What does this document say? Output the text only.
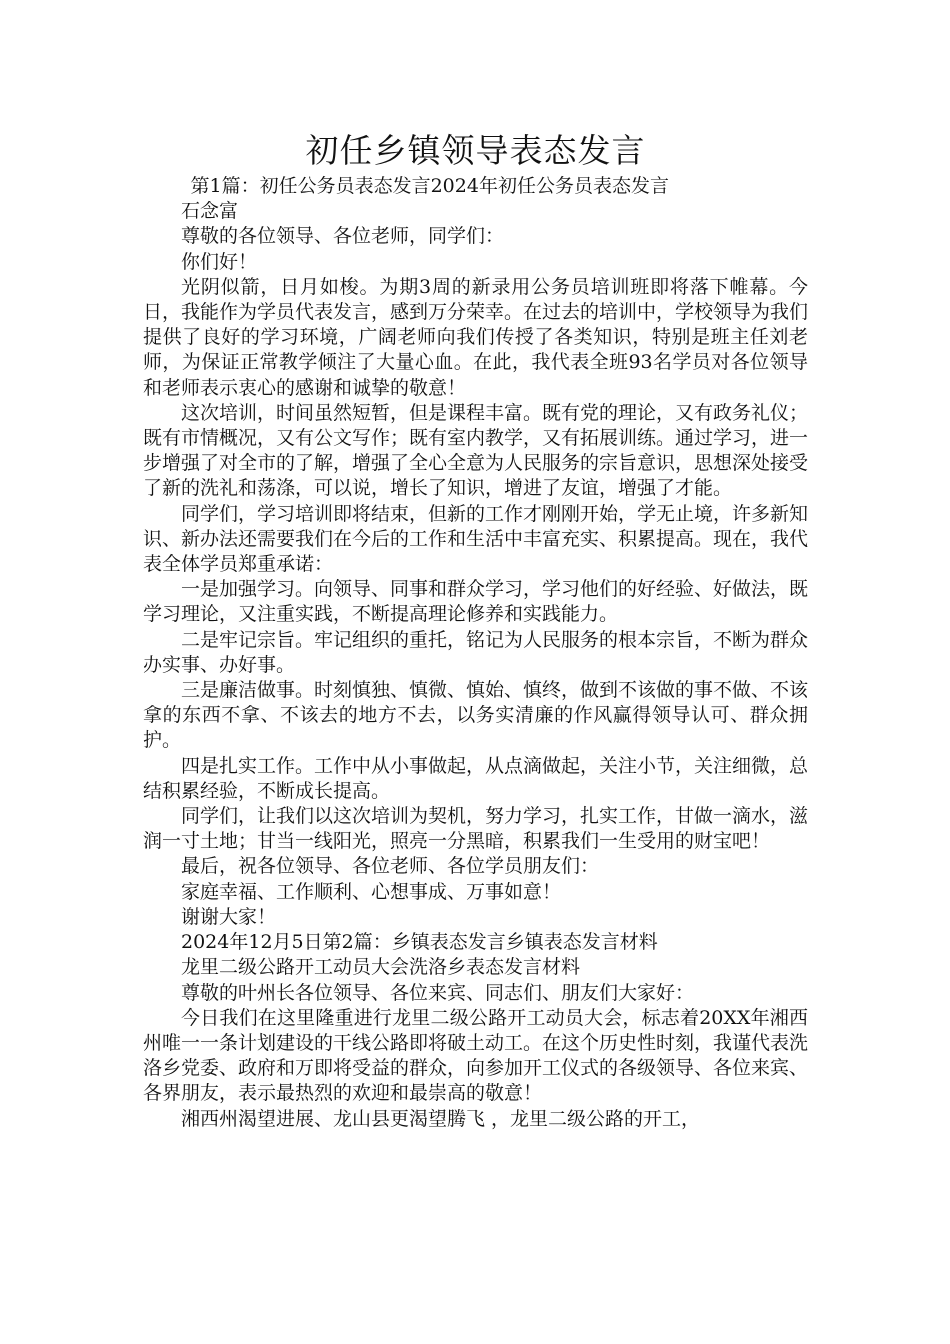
初任乡镇领导表态发言

第1篇：初任公务员表态发言2024年初任公务员表态发言

石念富

尊敬的各位领导、各位老师，同学们：

你们好！

光阴似箭，日月如梭。为期3周的新录用公务员培训班即将落下帷幕。今日，我能作为学员代表发言，感到万分荣幸。在过去的培训中，学校领导为我们提供了良好的学习环境，广阔老师向我们传授了各类知识，特别是班主任刘老师，为保证正常教学倾注了大量心血。在此，我代表全班93名学员对各位领导和老师表示衷心的感谢和诚挚的敬意！

这次培训，时间虽然短暂，但是课程丰富。既有党的理论，又有政务礼仪；既有市情概况，又有公文写作；既有室内教学，又有拓展训练。通过学习，进一步增强了对全市的了解，增强了全心全意为人民服务的宗旨意识，思想深处接受了新的洗礼和荡涤，可以说，增长了知识，增进了友谊，增强了才能。

同学们，学习培训即将结束，但新的工作才刚刚开始，学无止境，许多新知识、新办法还需要我们在今后的工作和生活中丰富充实、积累提高。现在，我代表全体学员郑重承诺：

一是加强学习。向领导、同事和群众学习，学习他们的好经验、好做法，既学习理论，又注重实践，不断提高理论修养和实践能力。

二是牢记宗旨。牢记组织的重托，铭记为人民服务的根本宗旨，不断为群众办实事、办好事。

三是廉洁做事。时刻慎独、慎微、慎始、慎终，做到不该做的事不做、不该拿的东西不拿、不该去的地方不去，以务实清廉的作风赢得领导认可、群众拥护。

四是扎实工作。工作中从小事做起，从点滴做起，关注小节，关注细微，总结积累经验，不断成长提高。

同学们，让我们以这次培训为契机，努力学习，扎实工作，甘做一滴水，滋润一寸土地；甘当一线阳光，照亮一分黑暗，积累我们一生受用的财宝吧！

最后，祝各位领导、各位老师、各位学员朋友们：

家庭幸福、工作顺利、心想事成、万事如意！

谢谢大家！

2024年12月5日第2篇：乡镇表态发言乡镇表态发言材料

龙里二级公路开工动员大会洗洛乡表态发言材料

尊敬的叶州长各位领导、各位来宾、同志们、朋友们大家好：

今日我们在这里隆重进行龙里二级公路开工动员大会，标志着20XX年湘西州唯一一条计划建设的干线公路即将破土动工。在这个历史性时刻，我谨代表洗洛乡党委、政府和万即将受益的群众，向参加开工仪式的各级领导、各位来宾、各界朋友，表示最热烈的欢迎和最崇高的敬意！

湘西州渴望进展、龙山县更渴望腾飞 ，龙里二级公路的开工，
